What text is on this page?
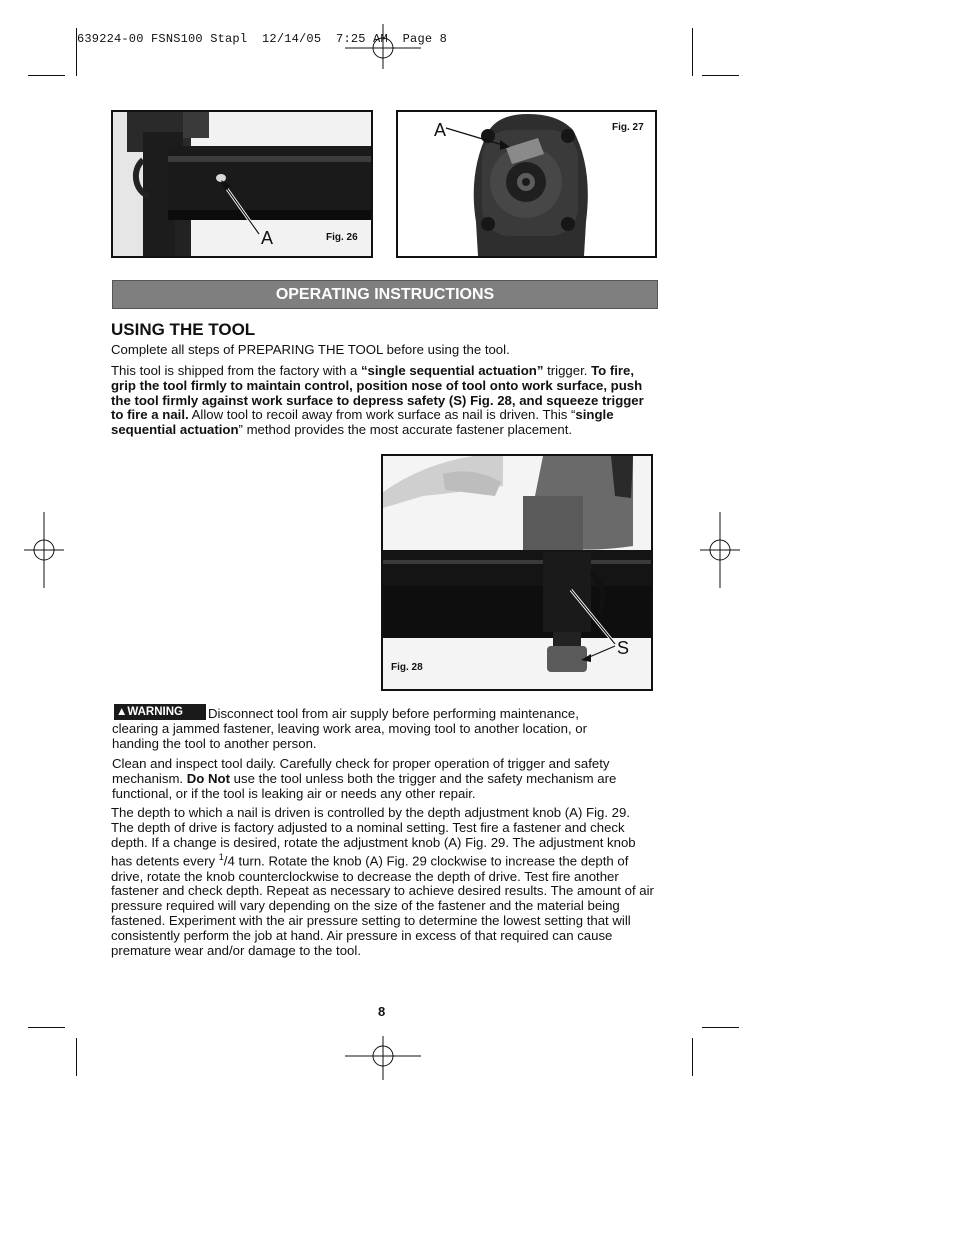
639224-00 FSNS100 Stapl  12/14/05  7:25 AM  Page 8
A	Fig. 26
A	Fig. 27
OPERATING INSTRUCTIONS
USING THE TOOL
Complete all steps of PREPARING THE TOOL before using the tool.
This tool is shipped from the factory with a “single sequential actuation” trigger. To fire, grip the tool firmly to maintain control, position nose of tool onto work surface, push the tool firmly against work surface to depress safety (S) Fig. 28, and squeeze trigger to fire a nail. Allow tool to recoil away from work surface as nail is driven. This “single sequential actuation” method provides the most accurate fastener placement.
S
Fig. 28
▲WARNING	Disconnect tool from air supply before performing maintenance, clearing a jammed fastener, leaving work area, moving tool to another location, or handing the tool to another person.
Clean and inspect tool daily. Carefully check for proper operation of trigger and safety mechanism. Do Not use the tool unless both the trigger and the safety mechanism are functional, or if the tool is leaking air or needs any other repair.
The depth to which a nail is driven is controlled by the depth adjustment knob (A) Fig. 29. The depth of drive is factory adjusted to a nominal setting. Test fire a fastener and check depth. If a change is desired, rotate the adjustment knob (A) Fig. 29. The adjustment knob has detents every $^1$/4 turn. Rotate the knob (A) Fig. 29 clockwise to increase the depth of drive, rotate the knob counterclockwise to decrease the depth of drive. Test fire another fastener and check depth. Repeat as necessary to achieve desired results. The amount of air pressure required will vary depending on the size of the fastener and the material being fastened. Experiment with the air pressure setting to determine the lowest setting that will consistently perform the job at hand. Air pressure in excess of that required can cause premature wear and/or damage to the tool.
8
